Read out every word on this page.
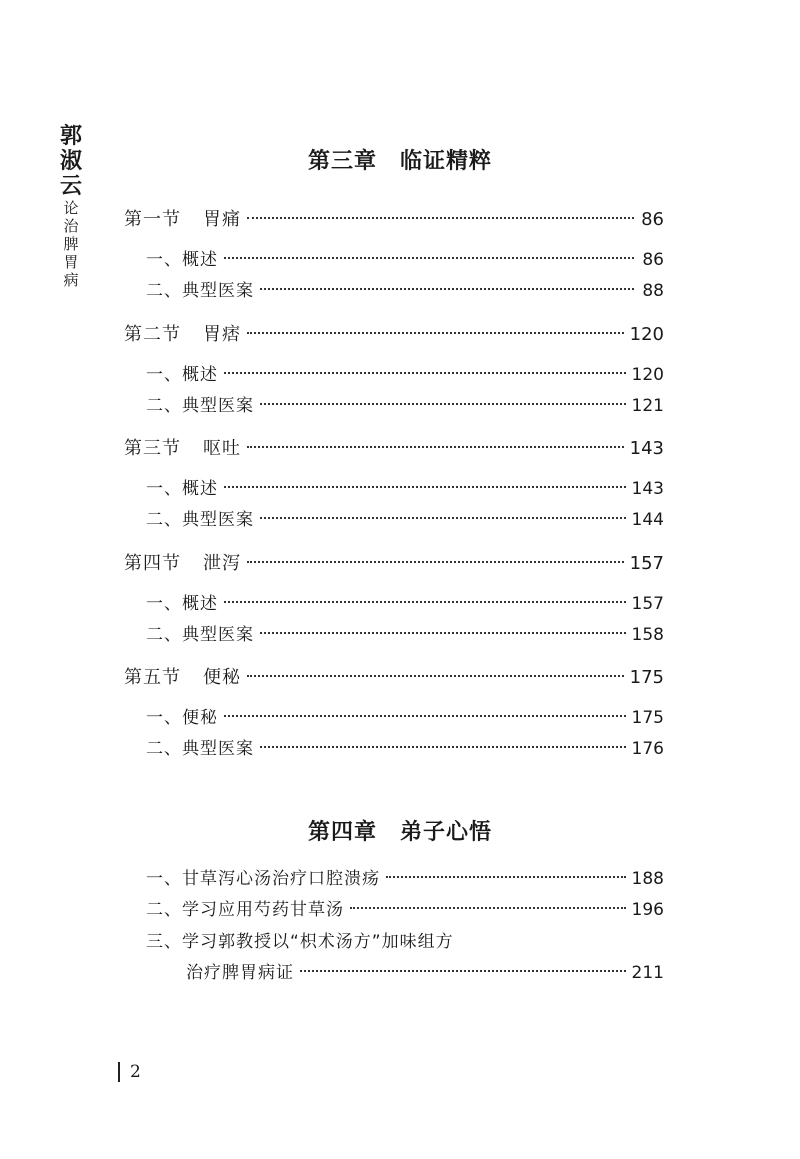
郭
淑
云
论
治
脾
胃
病
第三章　临证精粹
第一节 胃痛	86
一、概述	86
二、典型医案	88
第二节 胃痞	120
一、概述	120
二、典型医案	121
第三节 呕吐	143
一、概述	143
二、典型医案	144
第四节 泄泻	157
一、概述	157
二、典型医案	158
第五节 便秘	175
一、便秘	175
二、典型医案	176
第四章　弟子心悟
一、甘草泻心汤治疗口腔溃疡	188
二、学习应用芍药甘草汤	196
三、学习郭教授以“枳术汤方”加味组方
治疗脾胃病证	211
2
